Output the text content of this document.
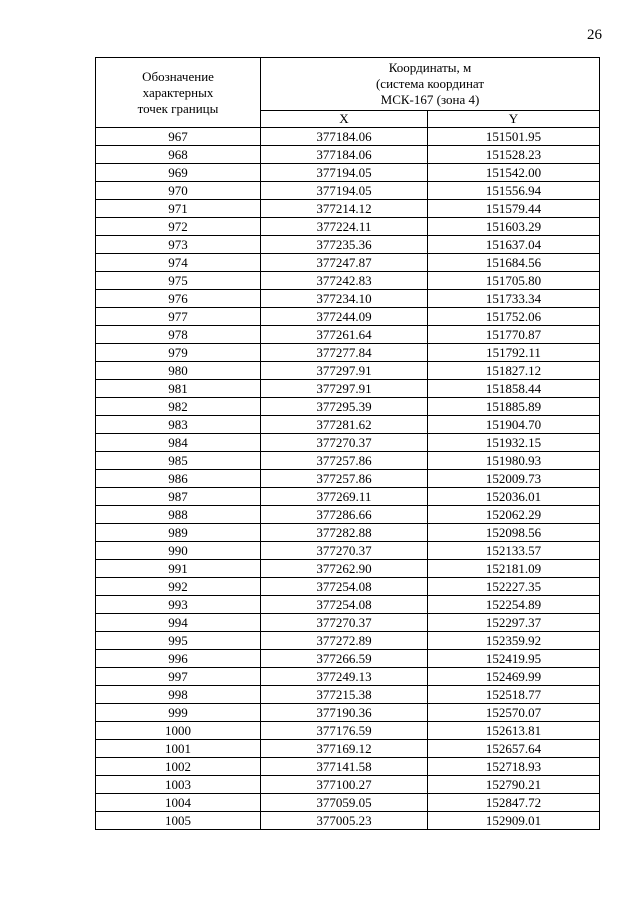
26
Обозначение
характерных
точек границы	Координаты, м
(система координат
МСК-167 (зона 4)	

	X	Y
967	377184.06	151501.95
968	377184.06	151528.23
969	377194.05	151542.00
970	377194.05	151556.94
971	377214.12	151579.44
972	377224.11	151603.29
973	377235.36	151637.04
974	377247.87	151684.56
975	377242.83	151705.80
976	377234.10	151733.34
977	377244.09	151752.06
978	377261.64	151770.87
979	377277.84	151792.11
980	377297.91	151827.12
981	377297.91	151858.44
982	377295.39	151885.89
983	377281.62	151904.70
984	377270.37	151932.15
985	377257.86	151980.93
986	377257.86	152009.73
987	377269.11	152036.01
988	377286.66	152062.29
989	377282.88	152098.56
990	377270.37	152133.57
991	377262.90	152181.09
992	377254.08	152227.35
993	377254.08	152254.89
994	377270.37	152297.37
995	377272.89	152359.92
996	377266.59	152419.95
997	377249.13	152469.99
998	377215.38	152518.77
999	377190.36	152570.07
1000	377176.59	152613.81
1001	377169.12	152657.64
1002	377141.58	152718.93
1003	377100.27	152790.21
1004	377059.05	152847.72
1005	377005.23	152909.01
